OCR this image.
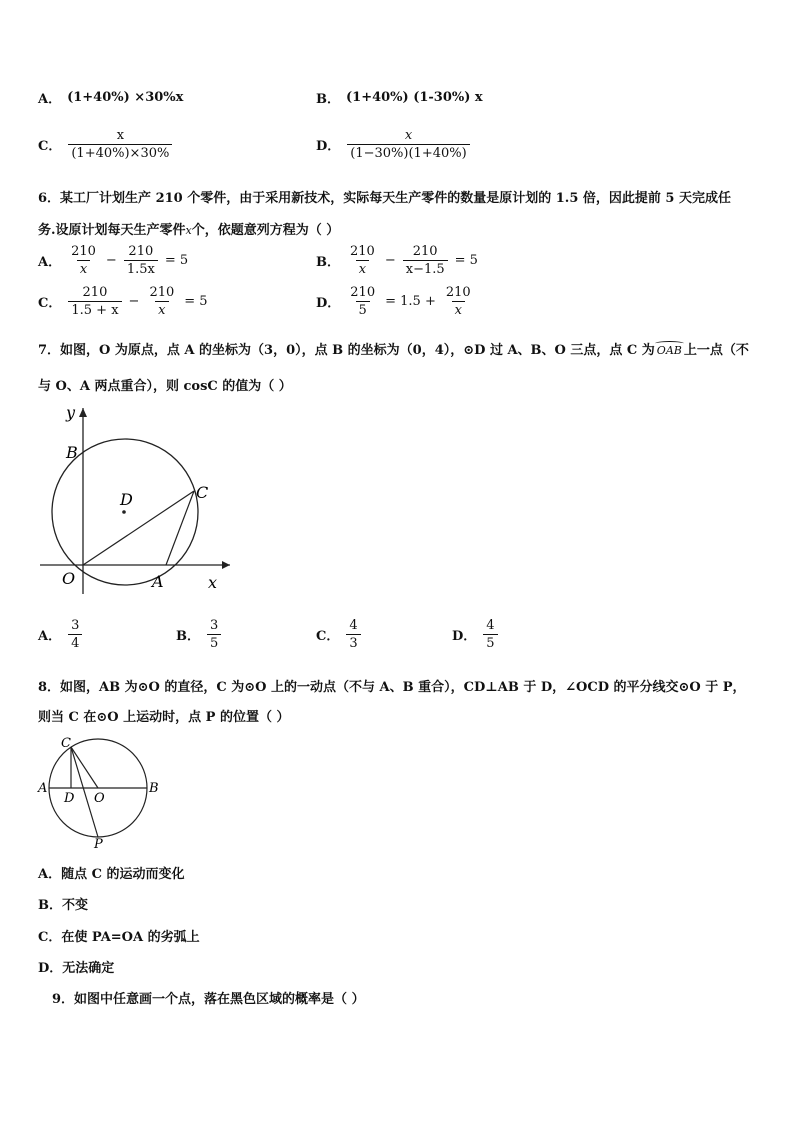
A． (1+40%) ×30%x	B． (1+40%) (1-30%) x
C． $\frac{x}{(1+40\%)\times 30\%}$	D． $\frac{x}{(1-30\%)(1+40\%)}$
6．某工厂计划生产 210 个零件，由于采用新技术，实际每天生产零件的数量是原计划的 1.5 倍，因此提前 5 天完成任
务.设原计划每天生产零件x个，依题意列方程为（ ）
A． $\frac{210}{x} - \frac{210}{1.5x} = 5$	B． $\frac{210}{x} - \frac{210}{x-1.5} = 5$
C． $\frac{210}{1.5 + x} - \frac{210}{x} = 5$	D． $\frac{210}{5} = 1.5 + \frac{210}{x}$
7．如图，O 为原点，点 A 的坐标为（3，0），点 B 的坐标为（0，4），⊙D 过 A、B、O 三点，点 C 为 OAB 上一点（不
与 O、A 两点重合），则 cosC 的值为（ ）
y
B
C
D
O	A	x
A． $\frac{3}{4}$	B． $\frac{3}{5}$	C． $\frac{4}{3}$	D． $\frac{4}{5}$
8．如图，AB 为⊙O 的直径，C 为⊙O 上的一动点（不与 A、B 重合），CD⊥AB 于 D，∠OCD 的平分线交⊙O 于 P，
则当 C 在⊙O 上运动时，点 P 的位置（ ）
C
A
D O
B
P
A．随点 C 的运动而变化
B．不变
C．在使 PA=OA 的劣弧上
D．无法确定
9．如图中任意画一个点，落在黑色区域的概率是（ ）
